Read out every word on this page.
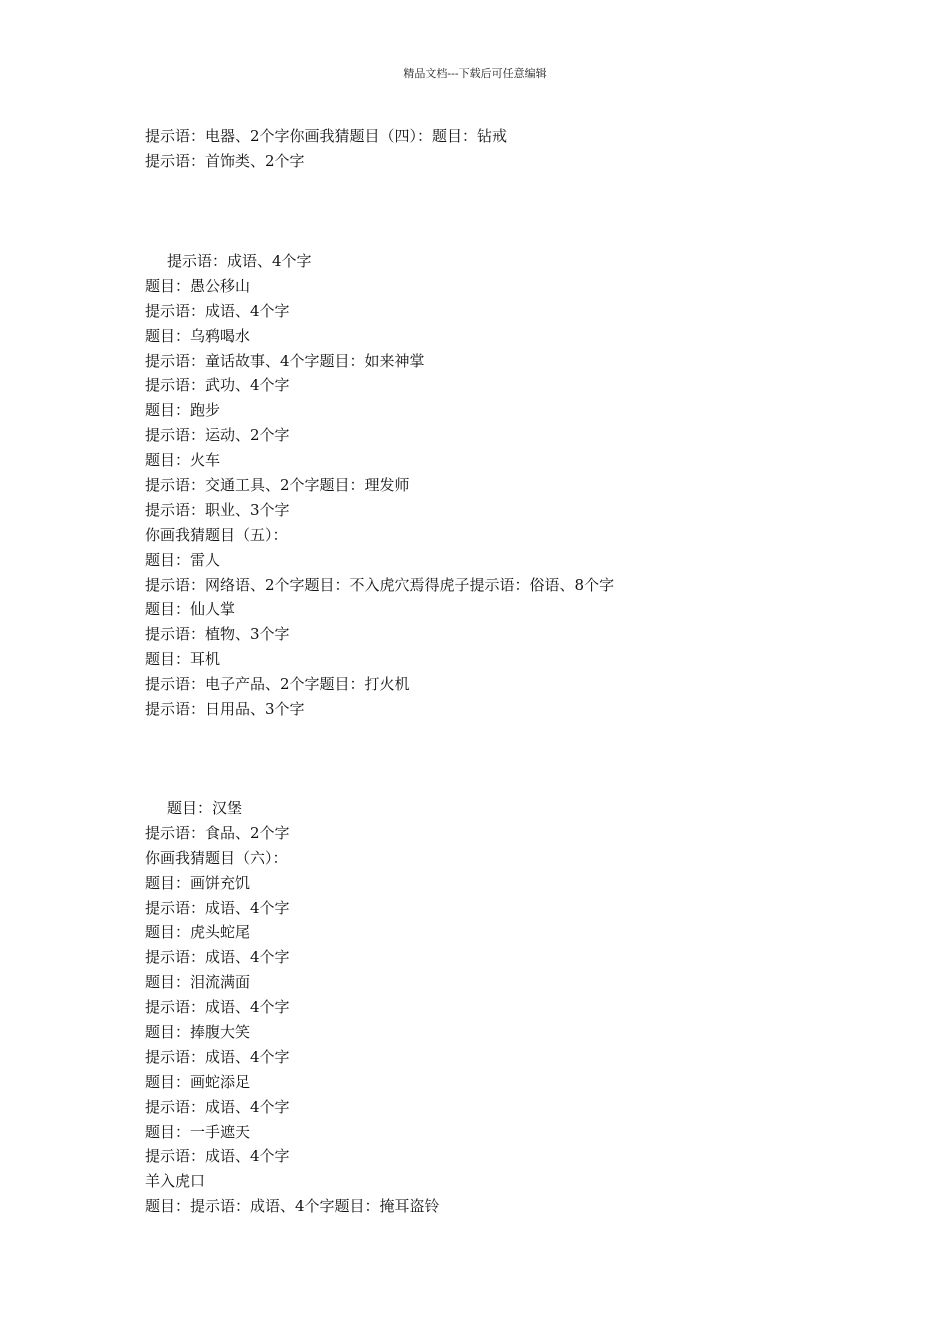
精品文档---下载后可任意编辑
提示语：电器、2个字你画我猜题目（四）：题目：钻戒
提示语：首饰类、2个字
提示语：成语、4个字
题目：愚公移山
提示语：成语、4个字
题目：乌鸦喝水
提示语：童话故事、4个字题目：如来神掌
提示语：武功、4个字
题目：跑步
提示语：运动、2个字
题目：火车
提示语：交通工具、2个字题目：理发师
提示语：职业、3个字
你画我猜题目（五）：
题目：雷人
提示语：网络语、2个字题目：不入虎穴焉得虎子提示语：俗语、8个字
题目：仙人掌
提示语：植物、3个字
题目：耳机
提示语：电子产品、2个字题目：打火机
提示语：日用品、3个字
题目：汉堡
提示语：食品、2个字
你画我猜题目（六）：
题目：画饼充饥
提示语：成语、4个字
题目：虎头蛇尾
提示语：成语、4个字
题目：泪流满面
提示语：成语、4个字
题目：捧腹大笑
提示语：成语、4个字
题目：画蛇添足
提示语：成语、4个字
题目：一手遮天
提示语：成语、4个字
羊入虎口
题目：提示语：成语、4个字题目：掩耳盗铃
